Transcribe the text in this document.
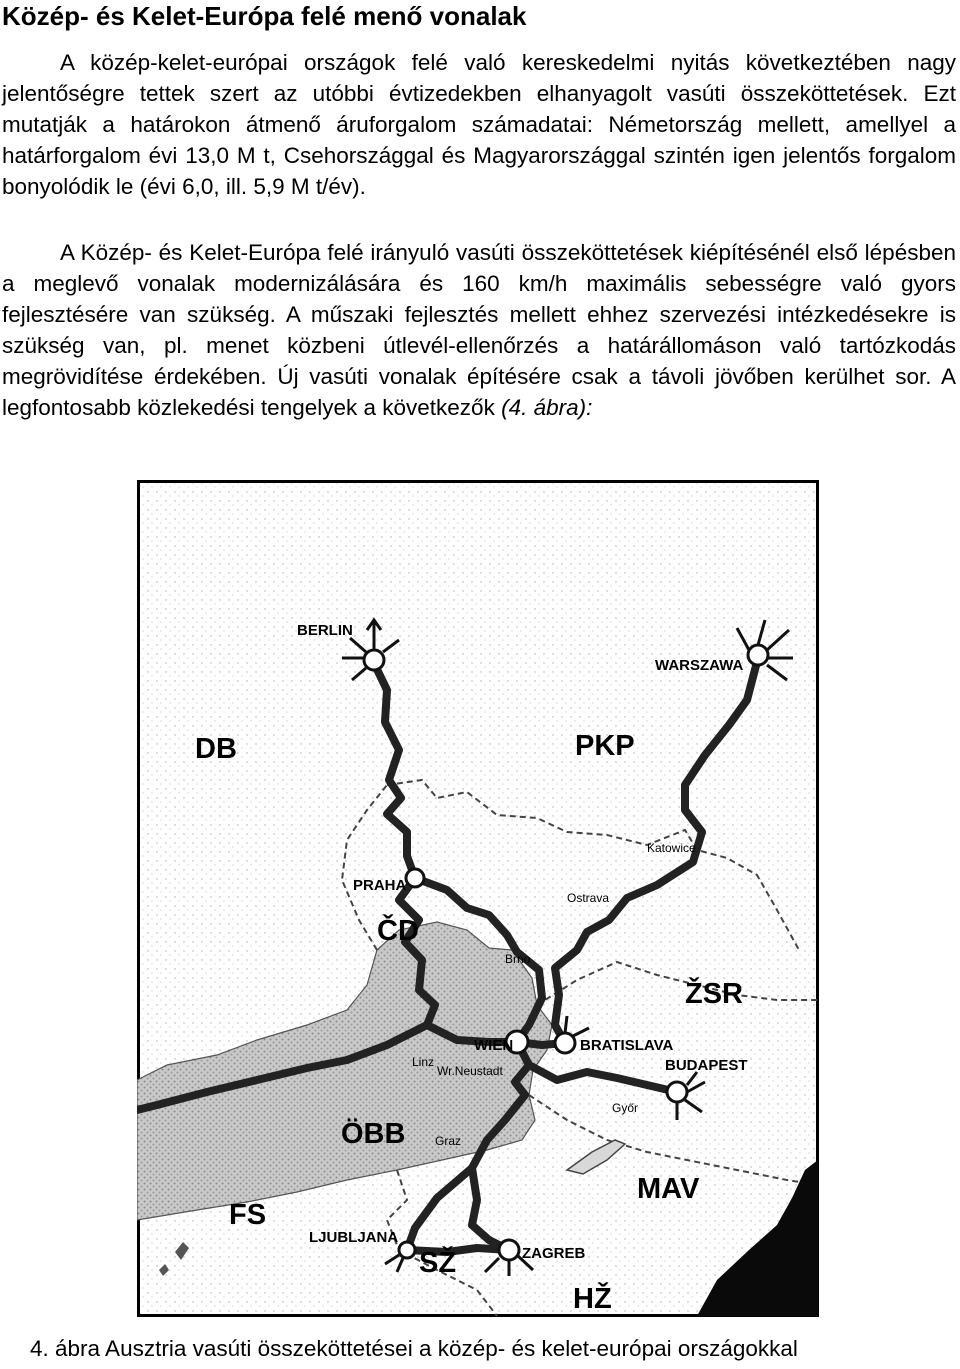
Közép- és Kelet-Európa felé menő vonalak

A közép-kelet-európai országok felé való kereskedelmi nyitás következtében nagy jelentőségre tettek szert az utóbbi évtizedekben elhanyagolt vasúti összeköttetések. Ezt mutatják a határokon átmenő áruforgalom számadatai: Németország mellett, amellyel a határforgalom évi 13,0 M t, Csehországgal és Magyarországgal szintén igen jelentős forgalom bonyolódik le (évi 6,0, ill. 5,9 M t/év).

A Közép- és Kelet-Európa felé irányuló vasúti összeköttetések kiépítésénél első lépésben a meglevő vonalak modernizálására és 160 km/h maximális sebességre való gyors fejlesztésére van szükség. A műszaki fejlesztés mellett ehhez szervezési intézkedésekre is szükség van, pl. menet közbeni útlevél-ellenőrzés a határállomáson való tartózkodás megrövidítése érdekében. Új vasúti vonalak építésére csak a távoli jövőben kerülhet sor. A legfontosabb közlekedési tengelyek a következők (4. ábra):

DB	PKP
ČD
ŽSR
ÖBB
MAV
FS
SŽ
HŽ
BERLIN
WARSZAWA
Katowice
PRAHA
Ostrava
Brno
Linz
WIEN
Wr.Neustadt
BRATISLAVA
BUDAPEST
Győr
Graz
LJUBLJANA
ZAGREB

4. ábra Ausztria vasúti összeköttetései a közép- és kelet-európai országokkal
